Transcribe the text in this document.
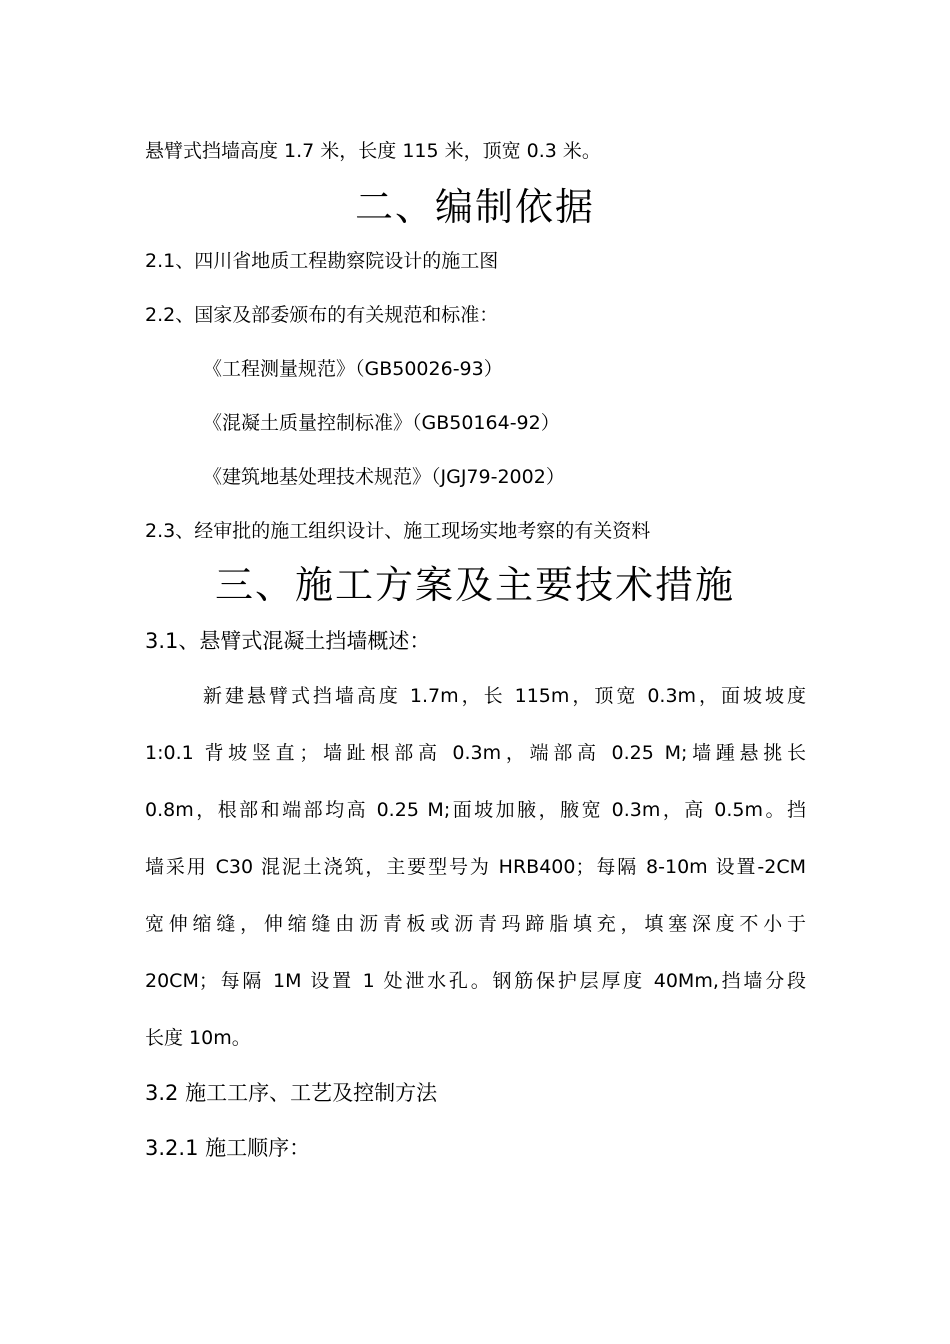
悬臂式挡墙高度 1.7 米，长度 115 米，顶宽 0.3 米。
二、编制依据
2.1、四川省地质工程勘察院设计的施工图
2.2、国家及部委颁布的有关规范和标准：
《工程测量规范》（GB50026-93）
《混凝土质量控制标准》（GB50164-92）
《建筑地基处理技术规范》（JGJ79-2002）
2.3、经审批的施工组织设计、施工现场实地考察的有关资料
三、施工方案及主要技术措施
3.1、悬臂式混凝土挡墙概述：
新建悬臂式挡墙高度 1.7m，长 115m，顶宽 0.3m，面坡坡度
1:0.1 背坡竖直；墙趾根部高 0.3m，端部高 0.25 M;墙踵悬挑长
0.8m，根部和端部均高 0.25 M;面坡加腋，腋宽 0.3m，高 0.5m。挡
墙采用 C30 混泥土浇筑，主要型号为 HRB400；每隔 8-10m 设置-2CM
宽伸缩缝，伸缩缝由沥青板或沥青玛蹄脂填充，填塞深度不小于
20CM；每隔 1M 设置 1 处泄水孔。钢筋保护层厚度 40Mm,挡墙分段
长度 10m。
3.2 施工工序、工艺及控制方法
3.2.1 施工顺序：
